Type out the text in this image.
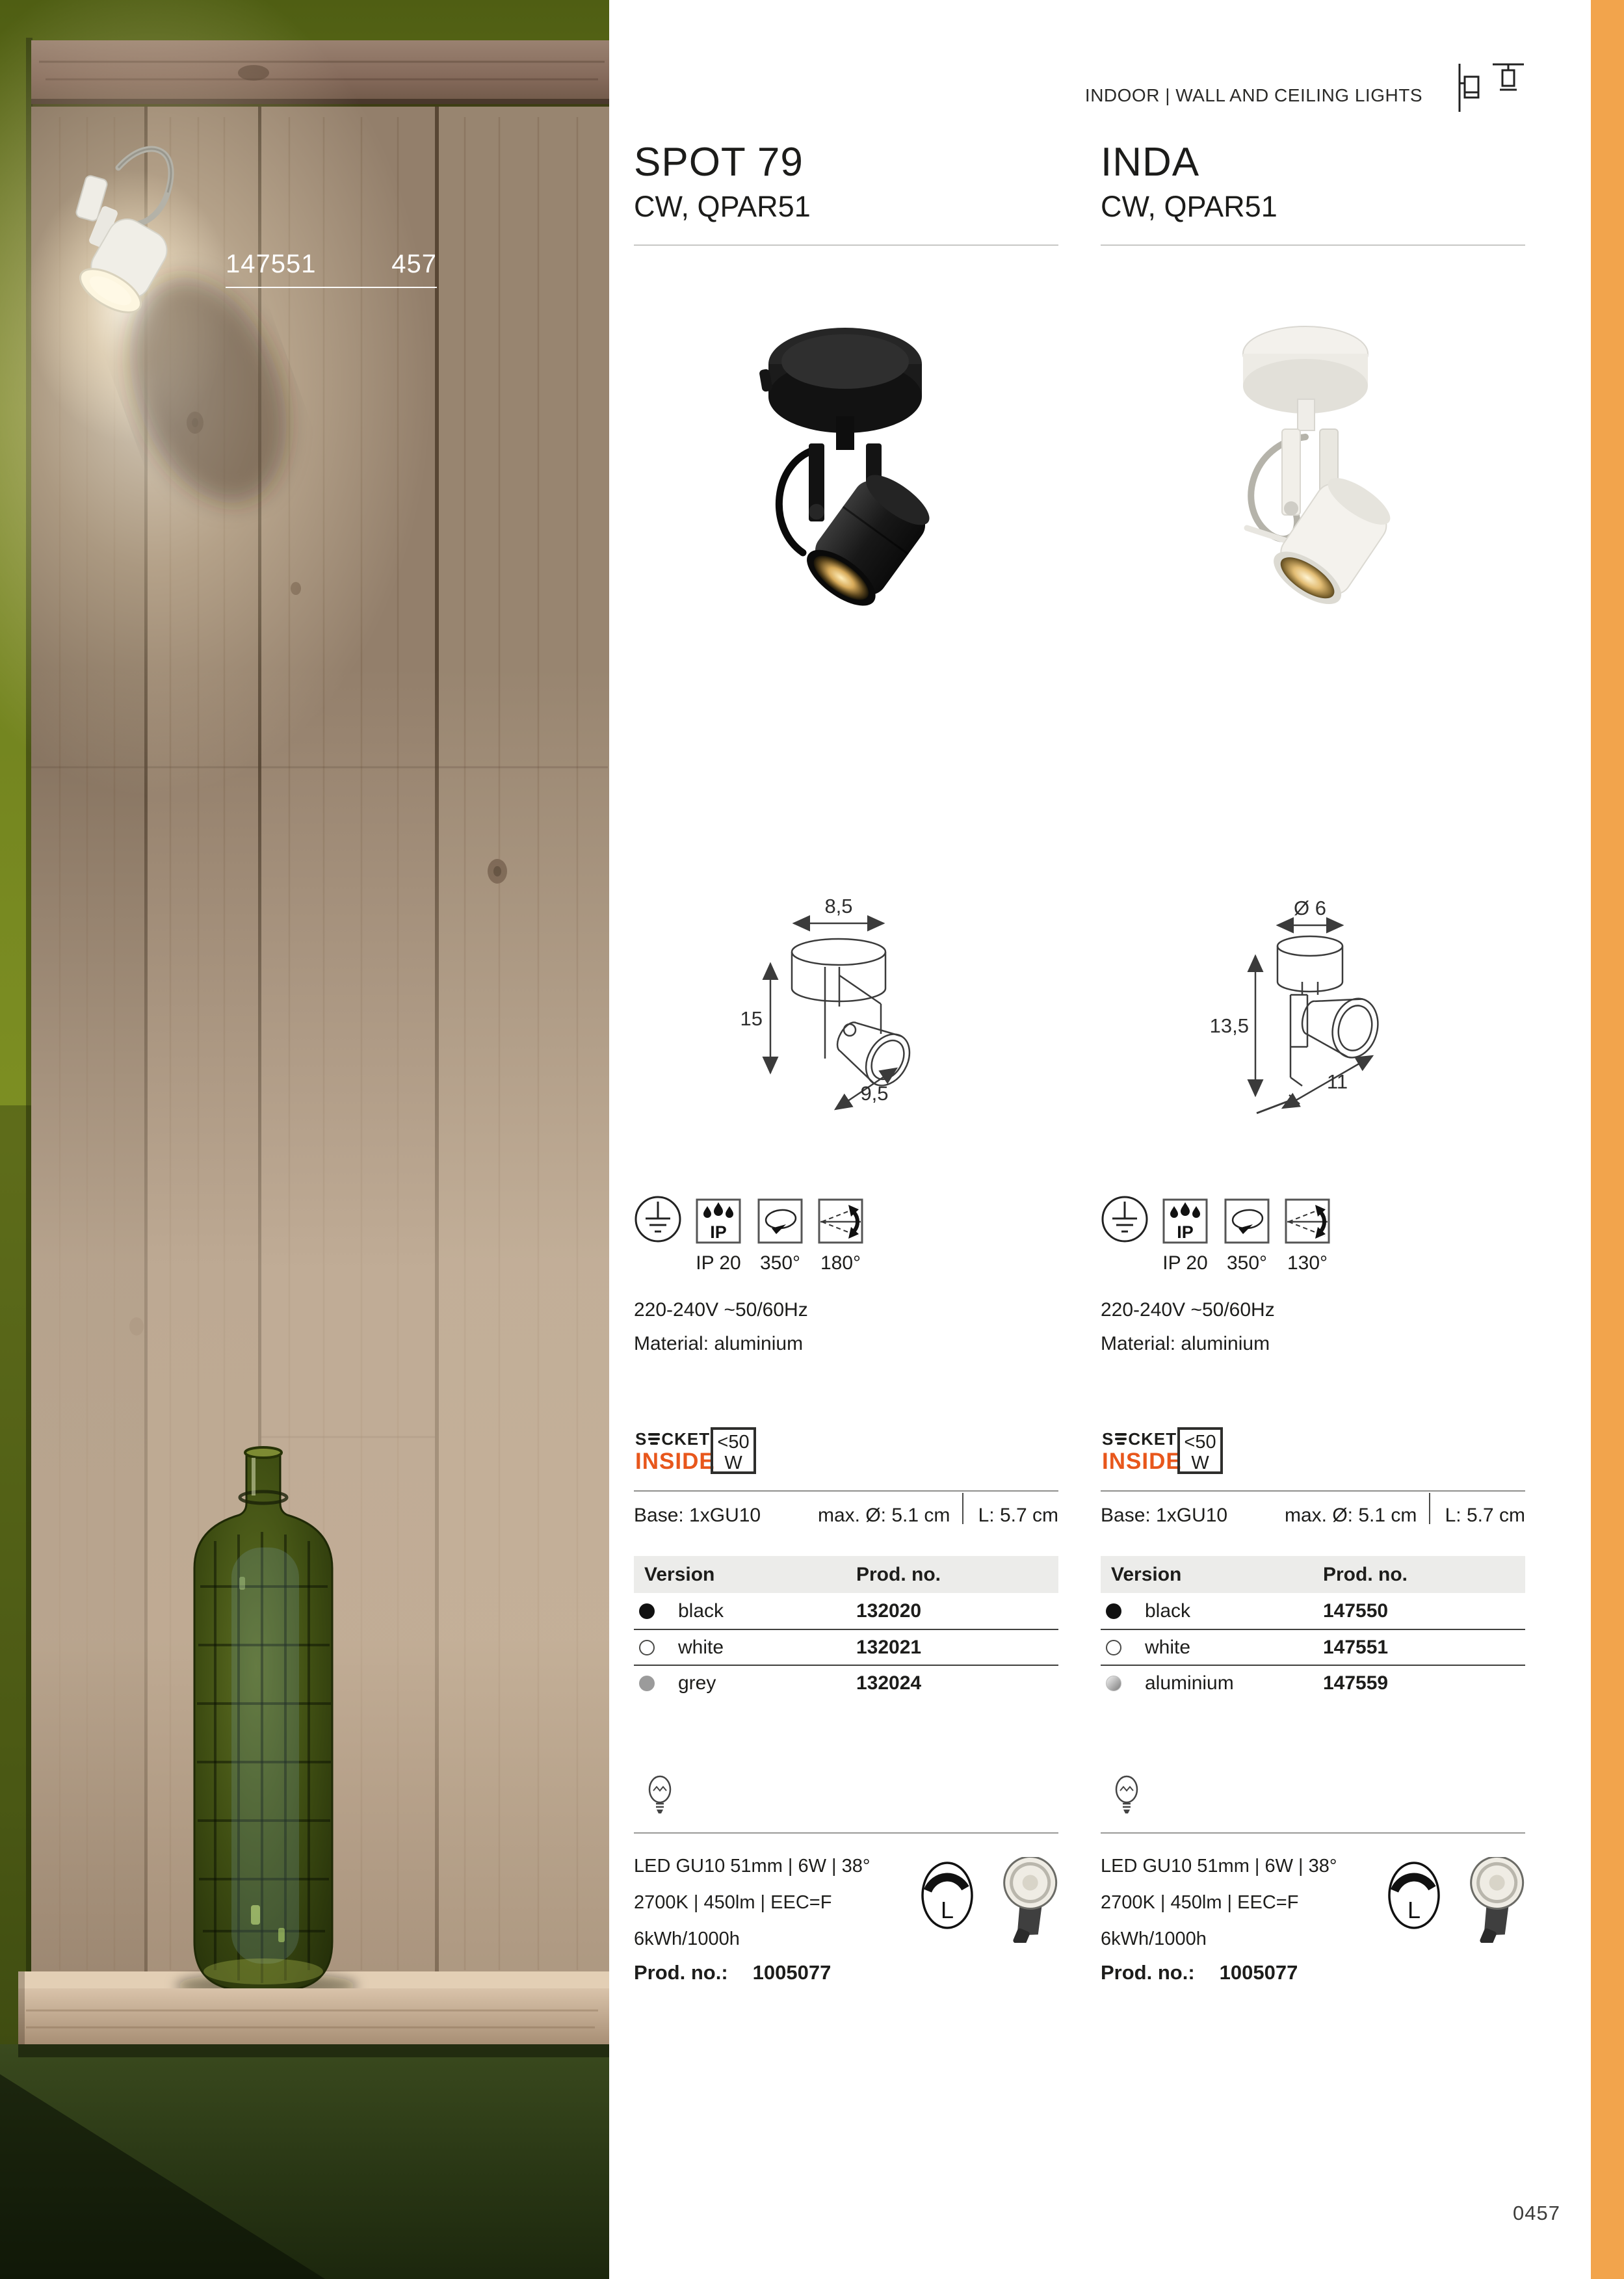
147551	457
INDOOR | WALL AND CEILING LIGHTS
SPOT 79
CW, QPAR51
8,5
15
9,5
IP
IP 20 350°	180°
220-240V ~50/60Hz
Material: aluminium
S CKET
INSIDE
<50
W
Base: 1xGU10	max. Ø: 5.1 cm L: 5.7 cm
Version	Prod. no.
black	132020
white	132021
grey	132024
LED GU10 51mm | 6W | 38°
2700K | 450lm | EEC=F
6kWh/1000h
L
Prod. no.: 1005077
INDA
CW, QPAR51
Ø 6
13,5
11
IP
IP 20 350°	130°
220-240V ~50/60Hz
Material: aluminium
S CKET
INSIDE
<50
W
Base: 1xGU10	max. Ø: 5.1 cm L: 5.7 cm
Version	Prod. no.
black	147550
white	147551
aluminium	147559
LED GU10 51mm | 6W | 38°
2700K | 450lm | EEC=F
6kWh/1000h
L
Prod. no.: 1005077
0457
